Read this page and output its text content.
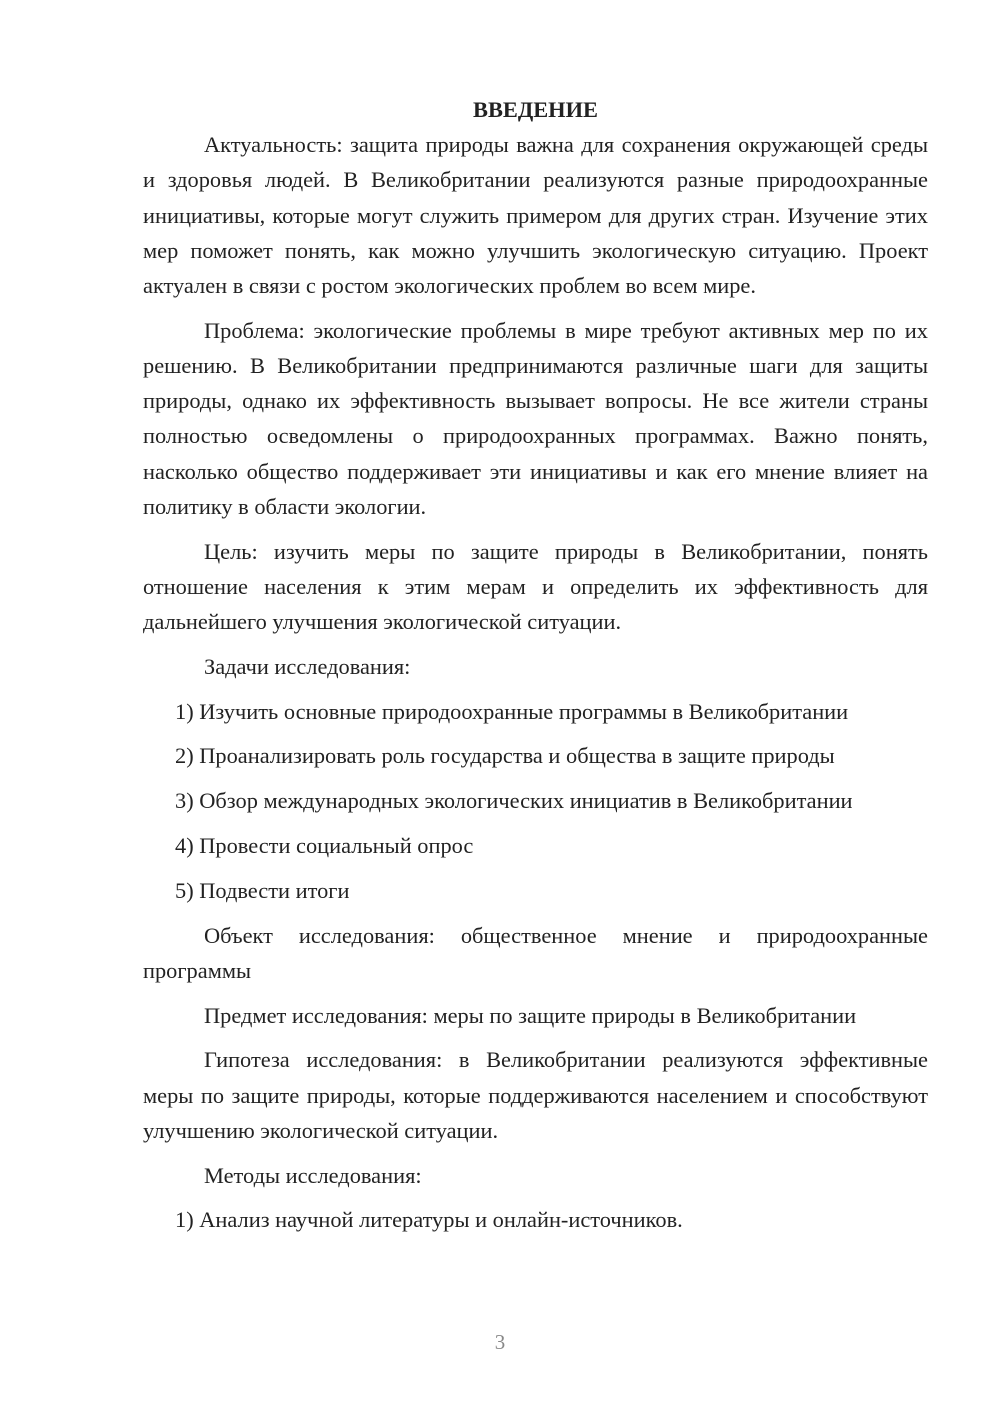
ВВЕДЕНИЕ

Актуальность: защита природы важна для сохранения окружающей среды и здоровья людей. В Великобритании реализуются разные природоохранные инициативы, которые могут служить примером для других стран. Изучение этих мер поможет понять, как можно улучшить экологическую ситуацию. Проект актуален в связи с ростом экологических проблем во всем мире.

Проблема: экологические проблемы в мире требуют активных мер по их решению. В Великобритании предпринимаются различные шаги для защиты природы, однако их эффективность вызывает вопросы. Не все жители страны полностью осведомлены о природоохранных программах. Важно понять, насколько общество поддерживает эти инициативы и как его мнение влияет на политику в области экологии.

Цель: изучить меры по защите природы в Великобритании, понять отношение населения к этим мерам и определить их эффективность для дальнейшего улучшения экологической ситуации.

Задачи исследования:

1) Изучить основные природоохранные программы в Великобритании

2) Проанализировать роль государства и общества в защите природы

3) Обзор международных экологических инициатив в Великобритании

4) Провести социальный опрос

5) Подвести итоги

Объект исследования: общественное мнение и природоохранные программы

Предмет исследования: меры по защите природы в Великобритании

Гипотеза исследования: в Великобритании реализуются эффективные меры по защите природы, которые поддерживаются населением и способствуют улучшению экологической ситуации.

Методы исследования:

1) Анализ научной литературы и онлайн-источников.

3
